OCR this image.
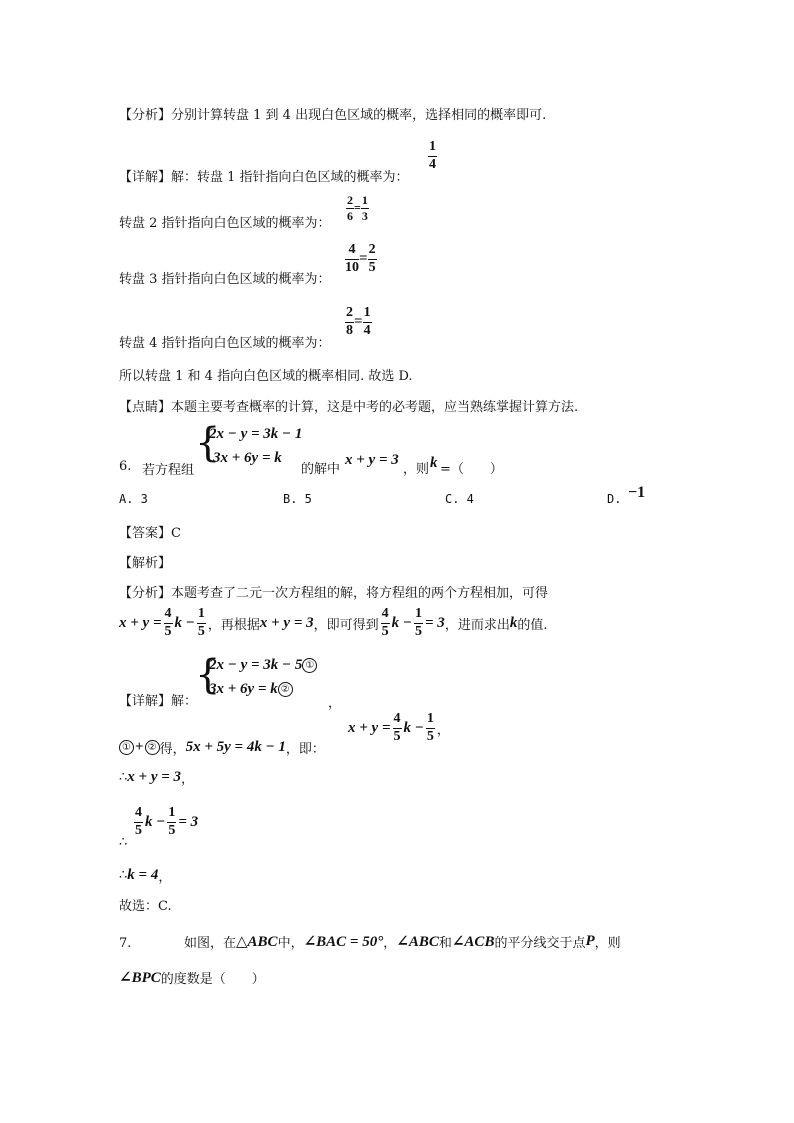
【分析】分别计算转盘 1 到 4 出现白色区域的概率，选择相同的概率即可.
【详解】解：转盘 1 指针指向白色区域的概率为：
$\frac{1}{4}$
转盘 2 指针指向白色区域的概率为：
$\frac{2}{6} = \frac{1}{3}$
转盘 3 指针指向白色区域的概率为：
$\frac{4}{10} = \frac{2}{5}$
转盘 4 指针指向白色区域的概率为：
$\frac{2}{8} = \frac{1}{4}$
所以转盘 1 和 4 指向白色区域的概率相同. 故选 D.
【点睛】本题主要考查概率的计算，这是中考的必考题，应当熟练掌握计算方法.
{
2x − y = 3k − 1
3x + 6y = k
6. 若方程组	的解中
x + y = 3
，则 k =（　　）
A. 3	B. 5	C. 4	D. −1
【答案】C
【解析】
【分析】本题考查了二元一次方程组的解，将方程组的两个方程相加，可得
$x + y = \frac{4}{5}$ $k - \frac{1}{5}$ ，再根据 x + y = 3 ，即可得到 $\frac{4}{5}$ $k - \frac{1}{5} = 3$ ，进而求出 k 的值.
{
2x − y = 3k − 5 ①
3x + 6y = k ②
【详解】解：	，
① + ② 得， 5x + 5y = 4k − 1 ，即：
$x + y = \frac{4}{5}$ $k - \frac{1}{5}$ ，
∴ x + y = 3 ，
∴
$\frac{4}{5}$ $k - \frac{1}{5} = 3$
∴ k = 4 ，
故选：C.
7.	如图，在 △ABC 中， ∠BAC = 50° ， ∠ABC 和 ∠ACB 的平分线交于点 P ，则
∠BPC 的度数是（　　）
